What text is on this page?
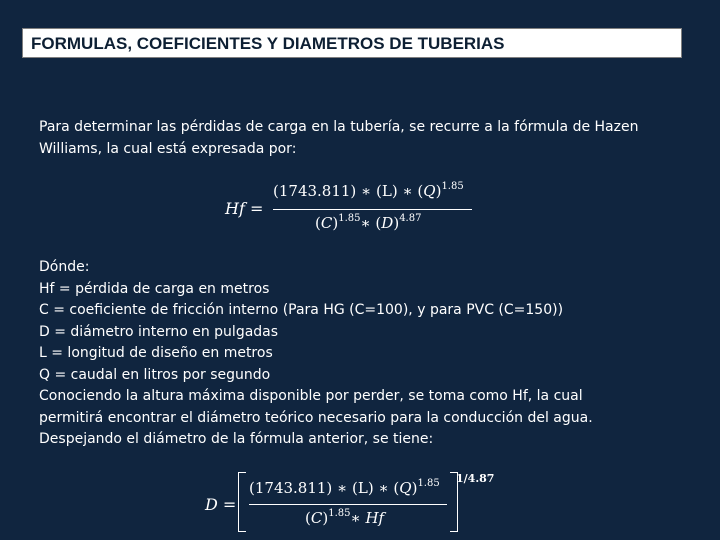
FORMULAS, COEFICIENTES Y DIAMETROS DE TUBERIAS
Para determinar las pérdidas de carga en la tubería, se recurre a la fórmula de Hazen
Williams, la cual está expresada por:
Hf =
(1743.811) ∗ (L) ∗ $(Q)^{1.85}$
$(C)^{1.85}∗$ $(D)^{4.87}$
Dónde:
Hf = pérdida de carga en metros
C = coeficiente de fricción interno (Para HG (C=100), y para PVC (C=150))
D = diámetro interno en pulgadas
L = longitud de diseño en metros
Q = caudal en litros por segundo
Conociendo la altura máxima disponible por perder, se toma como Hf, la cual
permitirá encontrar el diámetro teórico necesario para la conducción del agua.
Despejando el diámetro de la fórmula anterior, se tiene:
D =
(1743.811) ∗ (L) ∗ $(Q)^{1.85}$
$(C)^{1.85}∗$ Hf
1/4.87
